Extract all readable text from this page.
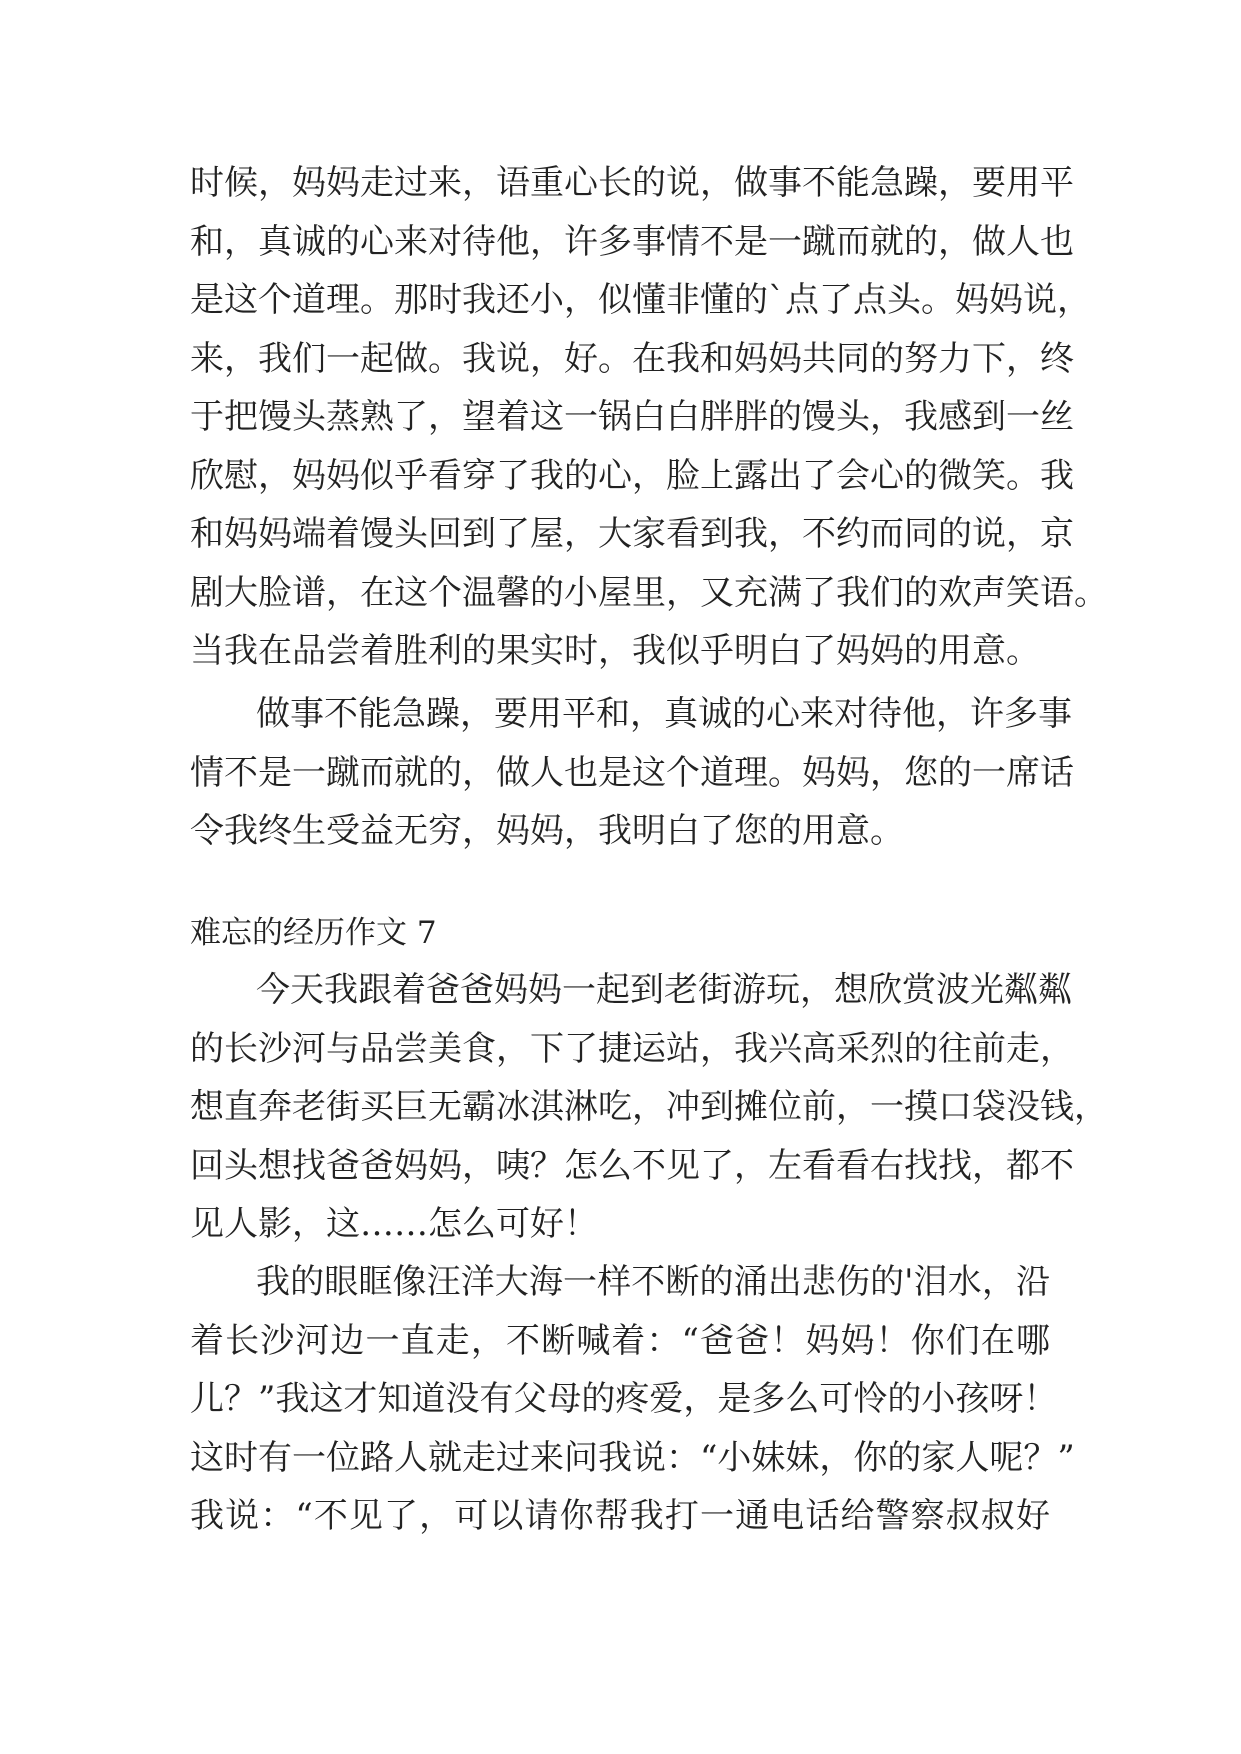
时候，妈妈走过来，语重心长的说，做事不能急躁，要用平
和，真诚的心来对待他，许多事情不是一蹴而就的，做人也
是这个道理。那时我还小，似懂非懂的`点了点头。妈妈说，
来，我们一起做。我说，好。在我和妈妈共同的努力下，终
于把馒头蒸熟了，望着这一锅白白胖胖的馒头，我感到一丝
欣慰，妈妈似乎看穿了我的心，脸上露出了会心的微笑。我
和妈妈端着馒头回到了屋，大家看到我，不约而同的说，京
剧大脸谱，在这个温馨的小屋里，又充满了我们的欢声笑语。
当我在品尝着胜利的果实时，我似乎明白了妈妈的用意。
做事不能急躁，要用平和，真诚的心来对待他，许多事
情不是一蹴而就的，做人也是这个道理。妈妈，您的一席话
令我终生受益无穷，妈妈，我明白了您的用意。
难忘的经历作文 7
今天我跟着爸爸妈妈一起到老街游玩，想欣赏波光粼粼
的长沙河与品尝美食，下了捷运站，我兴高采烈的往前走，
想直奔老街买巨无霸冰淇淋吃，冲到摊位前，一摸口袋没钱，
回头想找爸爸妈妈，咦？怎么不见了，左看看右找找，都不
见人影，这……怎么可好！
我的眼眶像汪洋大海一样不断的涌出悲伤的'泪水，沿
着长沙河边一直走，不断喊着：“爸爸！妈妈！你们在哪
儿？”我这才知道没有父母的疼爱，是多么可怜的小孩呀！
这时有一位路人就走过来问我说：“小妹妹，你的家人呢？”
我说：“不见了，可以请你帮我打一通电话给警察叔叔好
